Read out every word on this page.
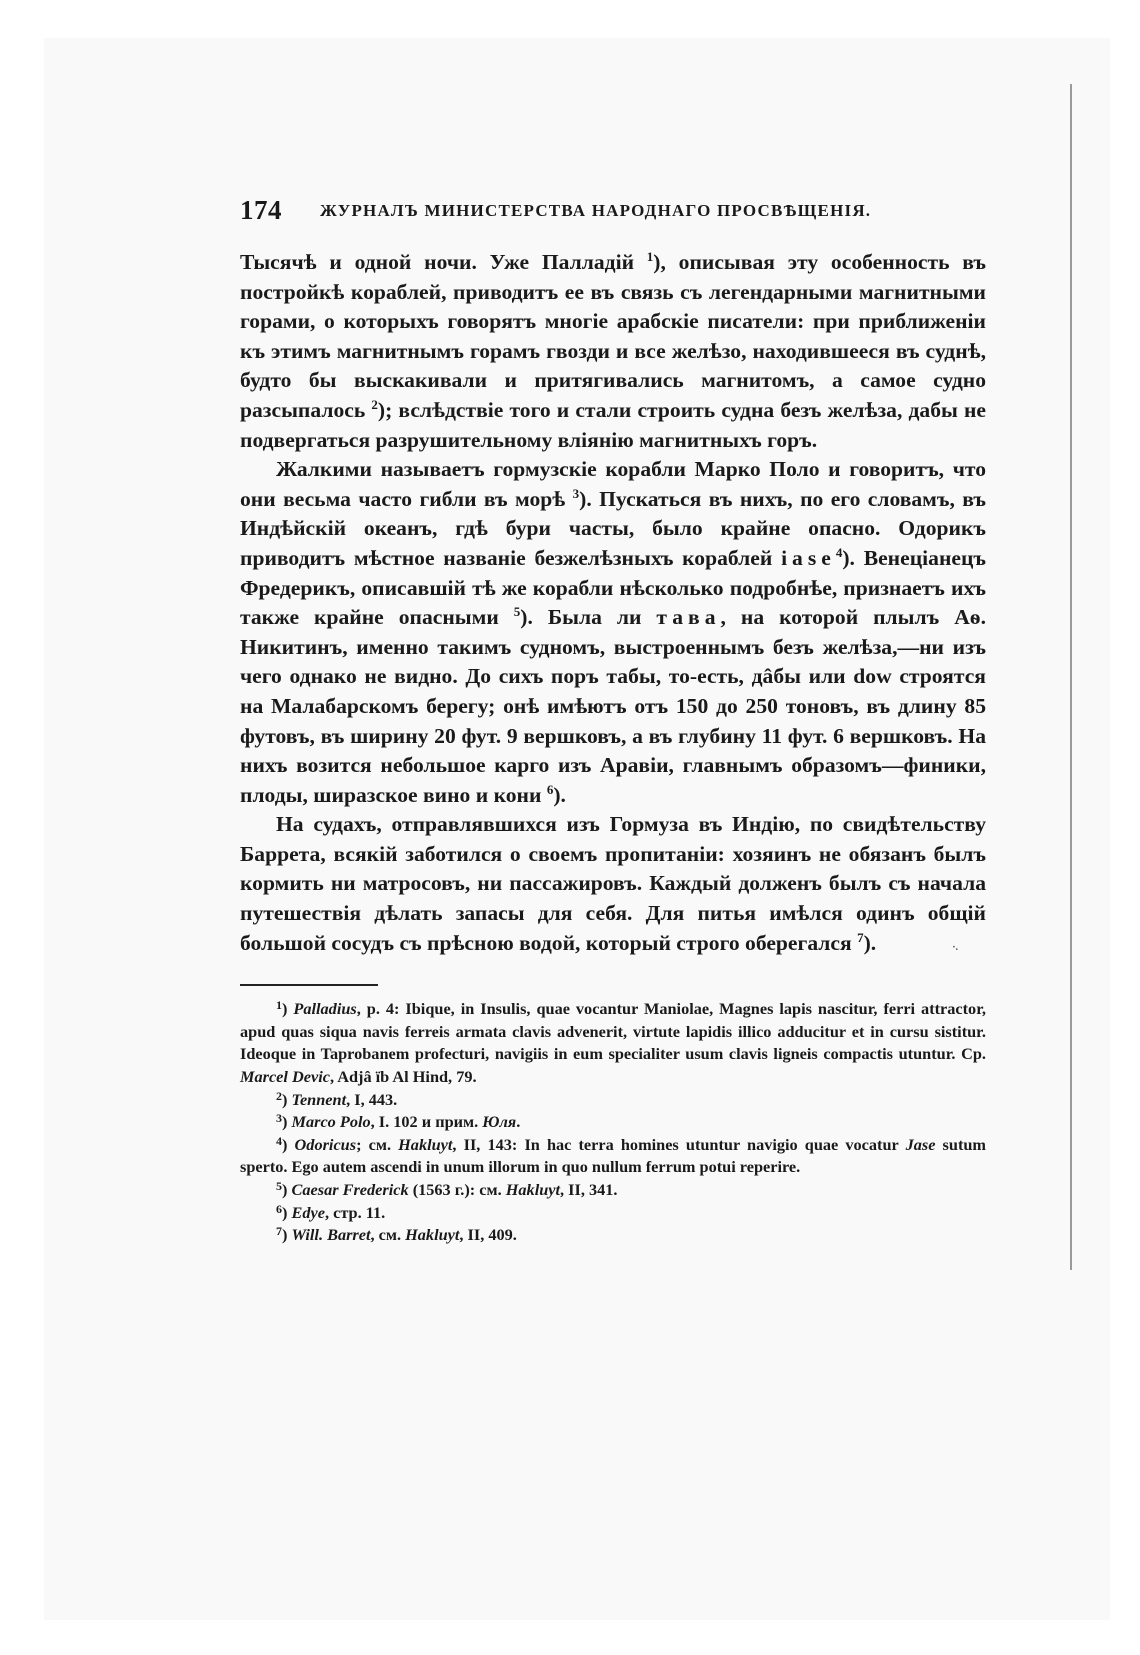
174 ЖУРНАЛЪ МИНИСТЕРСТВА НАРОДНАГО ПРОСВѢЩЕНІЯ.

Тысячѣ и одной ночи. Уже Палладій $^1$), описывая эту особенность въ постройкѣ кораблей, приводитъ ее въ связь съ легендарными магнитными горами, о которыхъ говорятъ многіе арабскіе писатели: при приближеніи къ этимъ магнитнымъ горамъ гвозди и все желѣзо, находившееся въ суднѣ, будто бы выскакивали и притягивались магнитомъ, а самое судно разсыпалось $^2$); вслѣдствіе того и стали строить судна безъ желѣза, дабы не подвергаться разрушительному вліянію магнитныхъ горъ.

Жалкими называетъ гормузскіе корабли Марко Поло и говоритъ, что они весьма часто гибли въ морѣ $^3$). Пускаться въ нихъ, по его словамъ, въ Индѣйскій океанъ, гдѣ бури часты, было крайне опасно. Одорикъ приводитъ мѣстное названіе безжелѣзныхъ кораблей iase$^4$). Венеціанецъ Фредерикъ, описавшій тѣ же корабли нѣсколько подробнѣе, признаетъ ихъ также крайне опасными $^5$). Была ли тава, на которой плылъ Аѳ. Никитинъ, именно такимъ судномъ, выстроеннымъ безъ желѣза,—ни изъ чего однако не видно. До сихъ поръ табы, то-есть, дâбы или dow строятся на Малабарскомъ берегу; онѣ имѣютъ отъ 150 до 250 тоновъ, въ длину 85 футовъ, въ ширину 20 фут. 9 вершковъ, а въ глубину 11 фут. 6 вершковъ. На нихъ возится небольшое карго изъ Аравіи, главнымъ образомъ—финики, плоды, ширазское вино и кони $^6$).

На судахъ, отправлявшихся изъ Гормуза въ Индію, по свидѣтельству Баррета, всякій заботился о своемъ пропитаніи: хозяинъ не обязанъ былъ кормить ни матросовъ, ни пассажировъ. Каждый долженъ былъ съ начала путешествія дѣлать запасы для себя. Для питья имѣлся одинъ общій большой сосудъ съ прѣсною водой, который строго оберегался $^7$).	·.

$^1$) Palladius, p. 4: Ibique, in Insulis, quae vocantur Maniolae, Magnes lapis nascitur, ferri attractor, apud quas siqua navis ferreis armata clavis advenerit, virtute lapidis illico adducitur et in cursu sistitur. Ideoque in Taprobanem profecturi, navigiis in eum specialiter usum clavis ligneis compactis utuntur. Cp. Marcel Devic, Adjâ ïb Al Hind, 79.
$^2$) Tennent, I, 443.
$^3$) Marco Polo, I. 102 и прим. Юля.
$^4$) Odoricus; см. Hakluyt, II, 143: In hac terra homines utuntur navigio quae vocatur Jase sutum sperto. Ego autem ascendi in unum illorum in quo nullum ferrum potui reperire.
$^5$) Caesar Frederick (1563 г.): см. Hakluyt, II, 341.
$^6$) Edye, стр. 11.
$^7$) Will. Barret, см. Hakluyt, II, 409.
